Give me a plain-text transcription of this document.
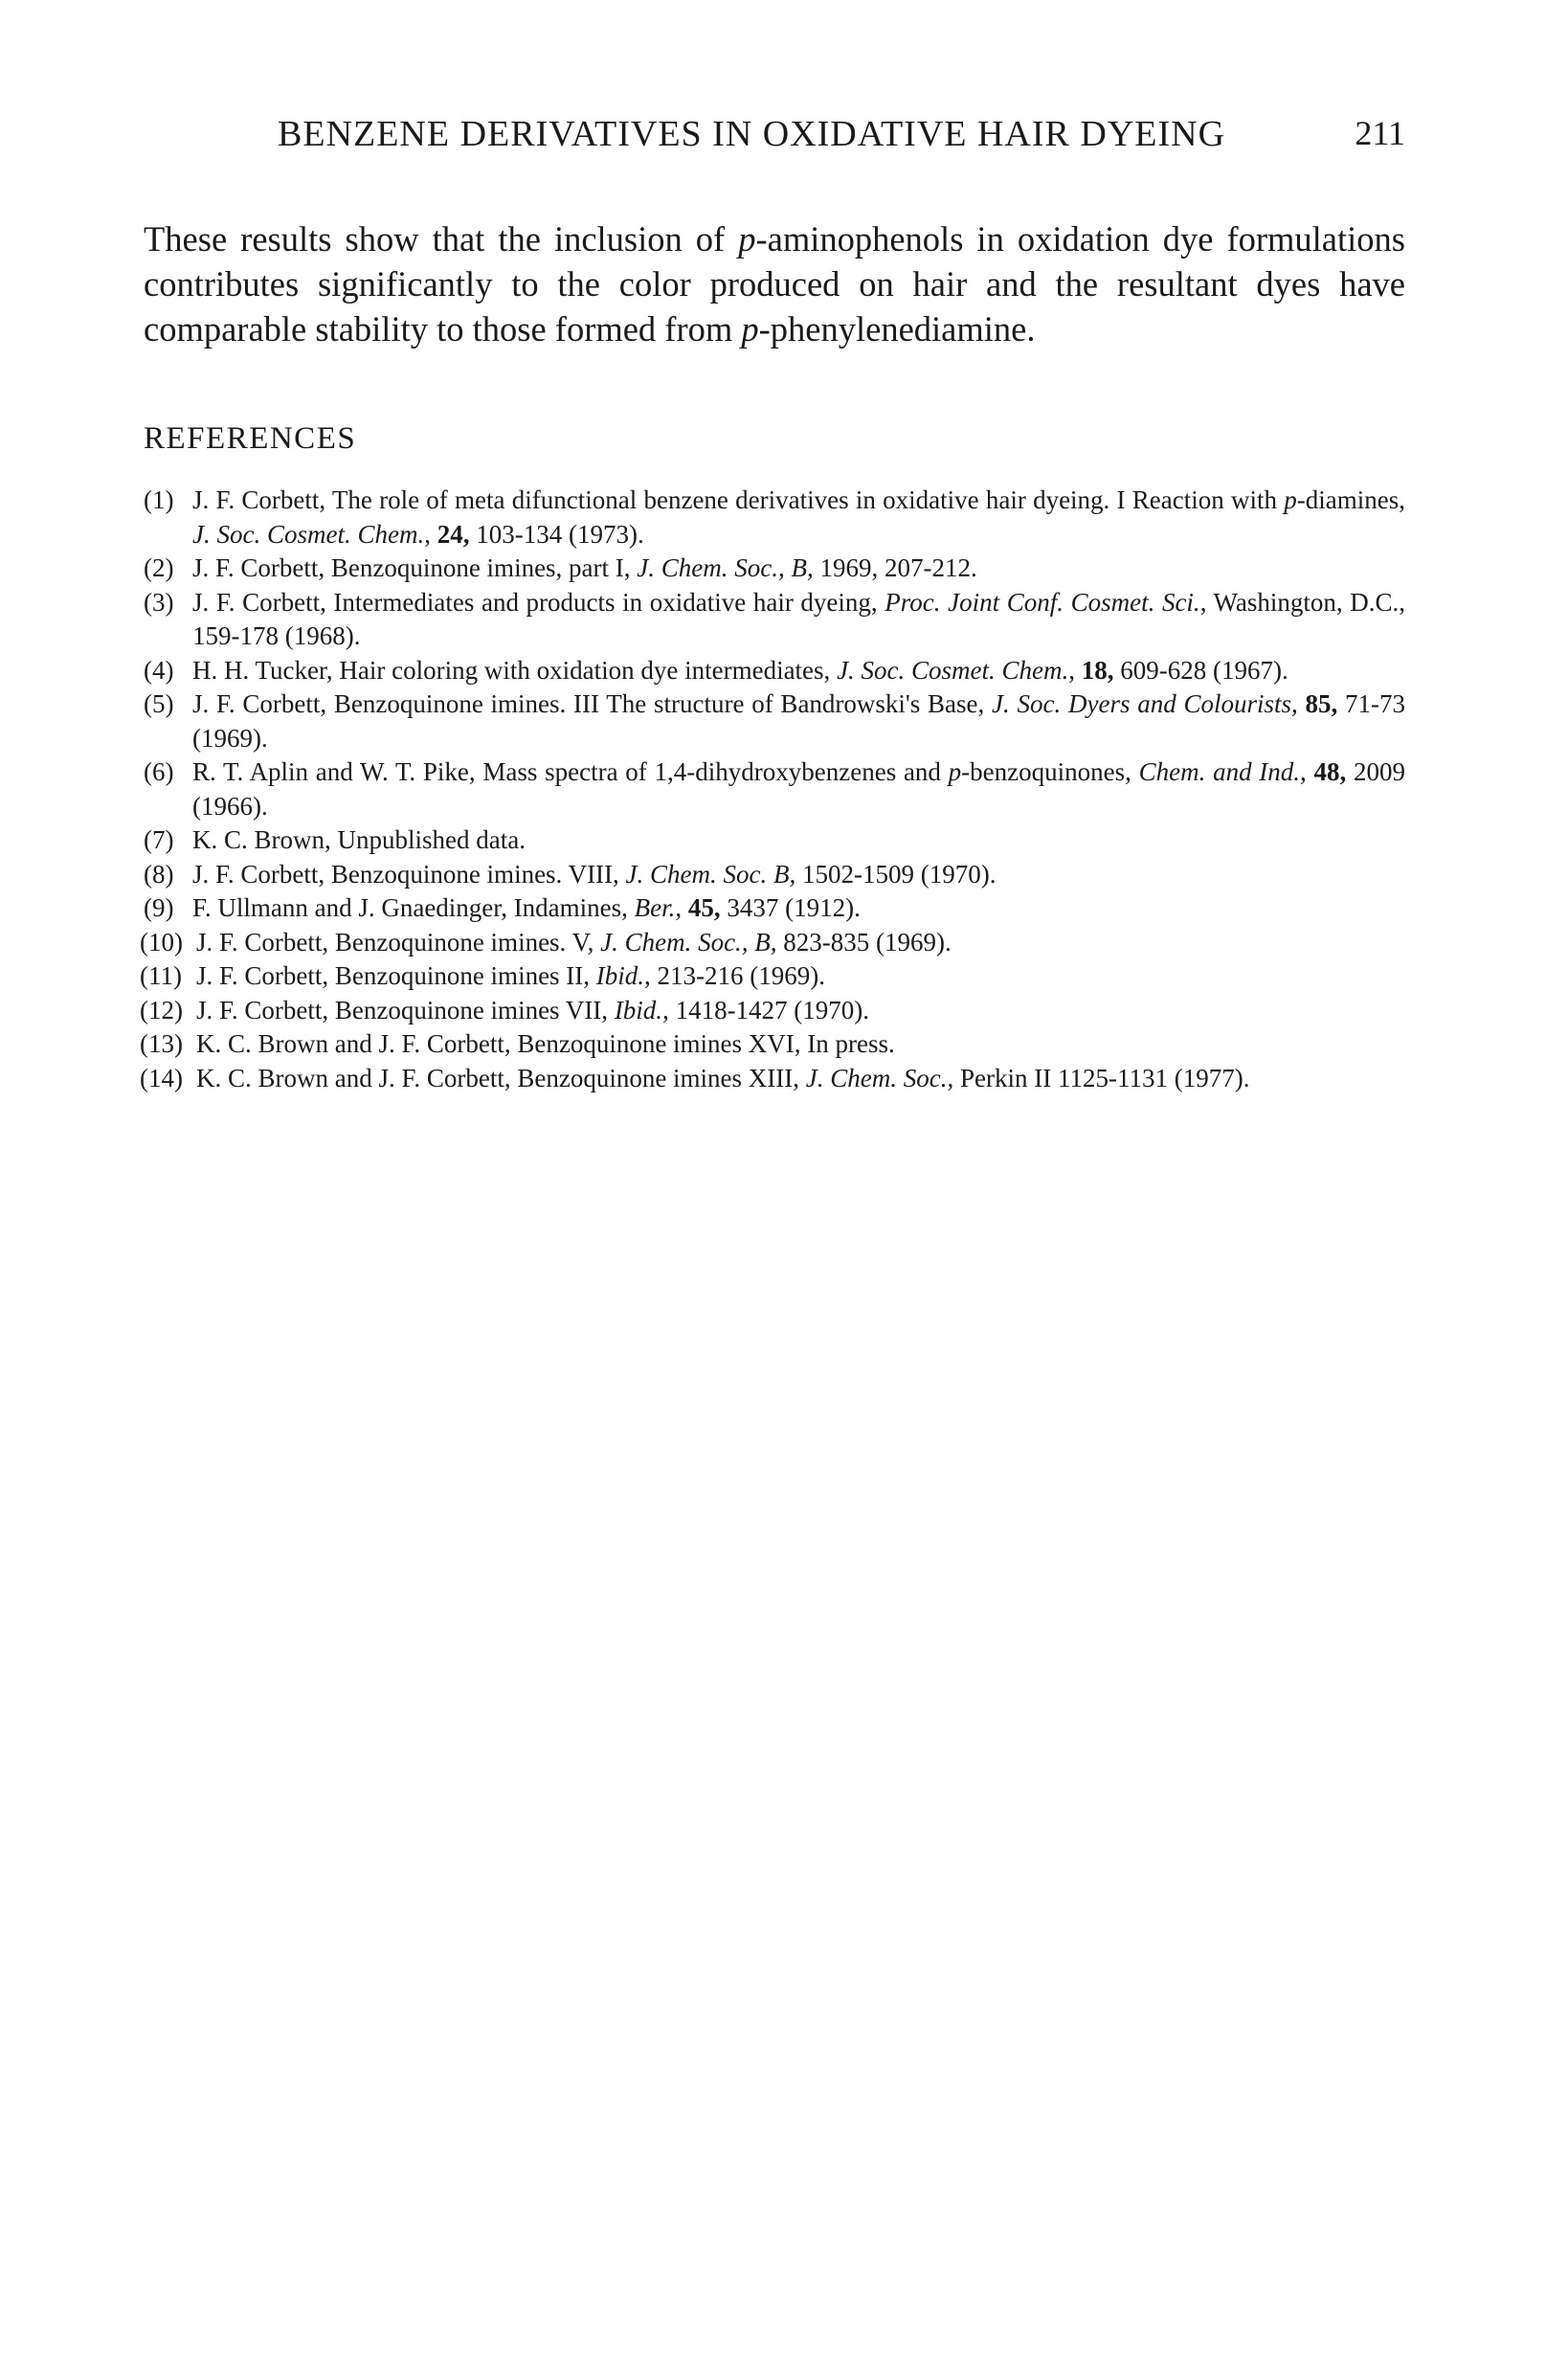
BENZENE DERIVATIVES IN OXIDATIVE HAIR DYEING	211

These results show that the inclusion of p-aminophenols in oxidation dye formulations contributes significantly to the color produced on hair and the resultant dyes have comparable stability to those formed from p-phenylenediamine.

REFERENCES
(1) J. F. Corbett, The role of meta difunctional benzene derivatives in oxidative hair dyeing. I Reaction with p-diamines, J. Soc. Cosmet. Chem., 24, 103-134 (1973).
(2) J. F. Corbett, Benzoquinone imines, part I, J. Chem. Soc., B, 1969, 207-212.
(3) J. F. Corbett, Intermediates and products in oxidative hair dyeing, Proc. Joint Conf. Cosmet. Sci., Washington, D.C., 159-178 (1968).
(4) H. H. Tucker, Hair coloring with oxidation dye intermediates, J. Soc. Cosmet. Chem., 18, 609-628 (1967).
(5) J. F. Corbett, Benzoquinone imines. III The structure of Bandrowski's Base, J. Soc. Dyers and Colourists, 85, 71-73 (1969).
(6) R. T. Aplin and W. T. Pike, Mass spectra of 1,4-dihydroxybenzenes and p-benzoquinones, Chem. and Ind., 48, 2009 (1966).
(7) K. C. Brown, Unpublished data.
(8) J. F. Corbett, Benzoquinone imines. VIII, J. Chem. Soc. B, 1502-1509 (1970).
(9) F. Ullmann and J. Gnaedinger, Indamines, Ber., 45, 3437 (1912).
(10) J. F. Corbett, Benzoquinone imines. V, J. Chem. Soc., B, 823-835 (1969).
(11) J. F. Corbett, Benzoquinone imines II, Ibid., 213-216 (1969).
(12) J. F. Corbett, Benzoquinone imines VII, Ibid., 1418-1427 (1970).
(13) K. C. Brown and J. F. Corbett, Benzoquinone imines XVI, In press.
(14) K. C. Brown and J. F. Corbett, Benzoquinone imines XIII, J. Chem. Soc., Perkin II 1125-1131 (1977).
